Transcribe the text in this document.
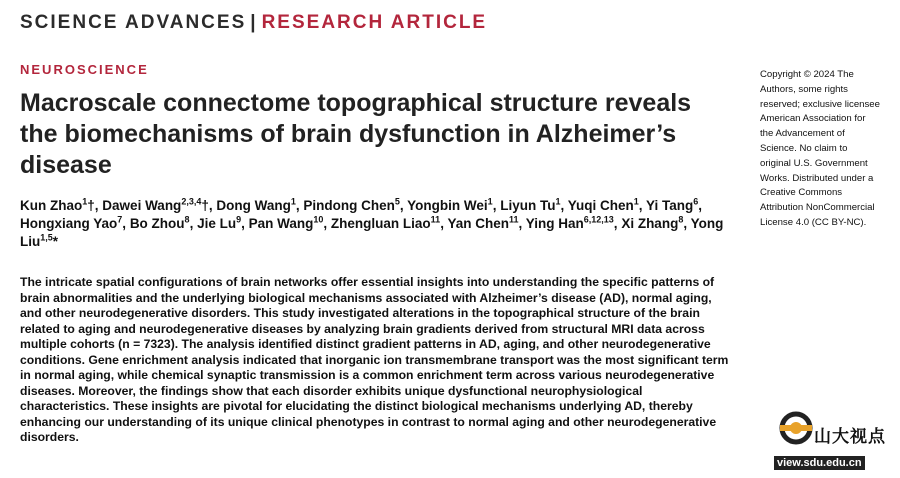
SCIENCE ADVANCES | RESEARCH ARTICLE
NEUROSCIENCE
Macroscale connectome topographical structure reveals the biomechanisms of brain dysfunction in Alzheimer’s disease
Kun Zhao$^1$†, Dawei Wang$^{2,3,4}$†, Dong Wang$^1$, Pindong Chen$^5$, Yongbin Wei$^1$, Liyun Tu$^1$, Yuqi Chen$^1$, Yi Tang$^6$, Hongxiang Yao$^7$, Bo Zhou$^8$, Jie Lu$^9$, Pan Wang$^{10}$, Zhengluan Liao$^{11}$, Yan Chen$^{11}$, Ying Han$^{6,12,13}$, Xi Zhang$^8$, Yong Liu$^{1,5}$*
The intricate spatial configurations of brain networks offer essential insights into understanding the specific patterns of brain abnormalities and the underlying biological mechanisms associated with Alzheimer’s disease (AD), normal aging, and other neurodegenerative disorders. This study investigated alterations in the topographical structure of the brain related to aging and neurodegenerative diseases by analyzing brain gradients derived from structural MRI data across multiple cohorts (n = 7323). The analysis identified distinct gradient patterns in AD, aging, and other neurodegenerative conditions. Gene enrichment analysis indicated that inorganic ion transmembrane transport was the most significant term in normal aging, while chemical synaptic transmission is a common enrichment term across various neurodegenerative diseases. Moreover, the findings show that each disorder exhibits unique dysfunctional neurophysiological characteristics. These insights are pivotal for elucidating the distinct biological mechanisms underlying AD, thereby enhancing our understanding of its unique clinical phenotypes in contrast to normal aging and other neurodegenerative disorders.
Copyright © 2024 The Authors, some rights reserved; exclusive licensee American Association for the Advancement of Science. No claim to original U.S. Government Works. Distributed under a Creative Commons Attribution NonCommercial License 4.0 (CC BY-NC).
山大视点
view.sdu.edu.cn
